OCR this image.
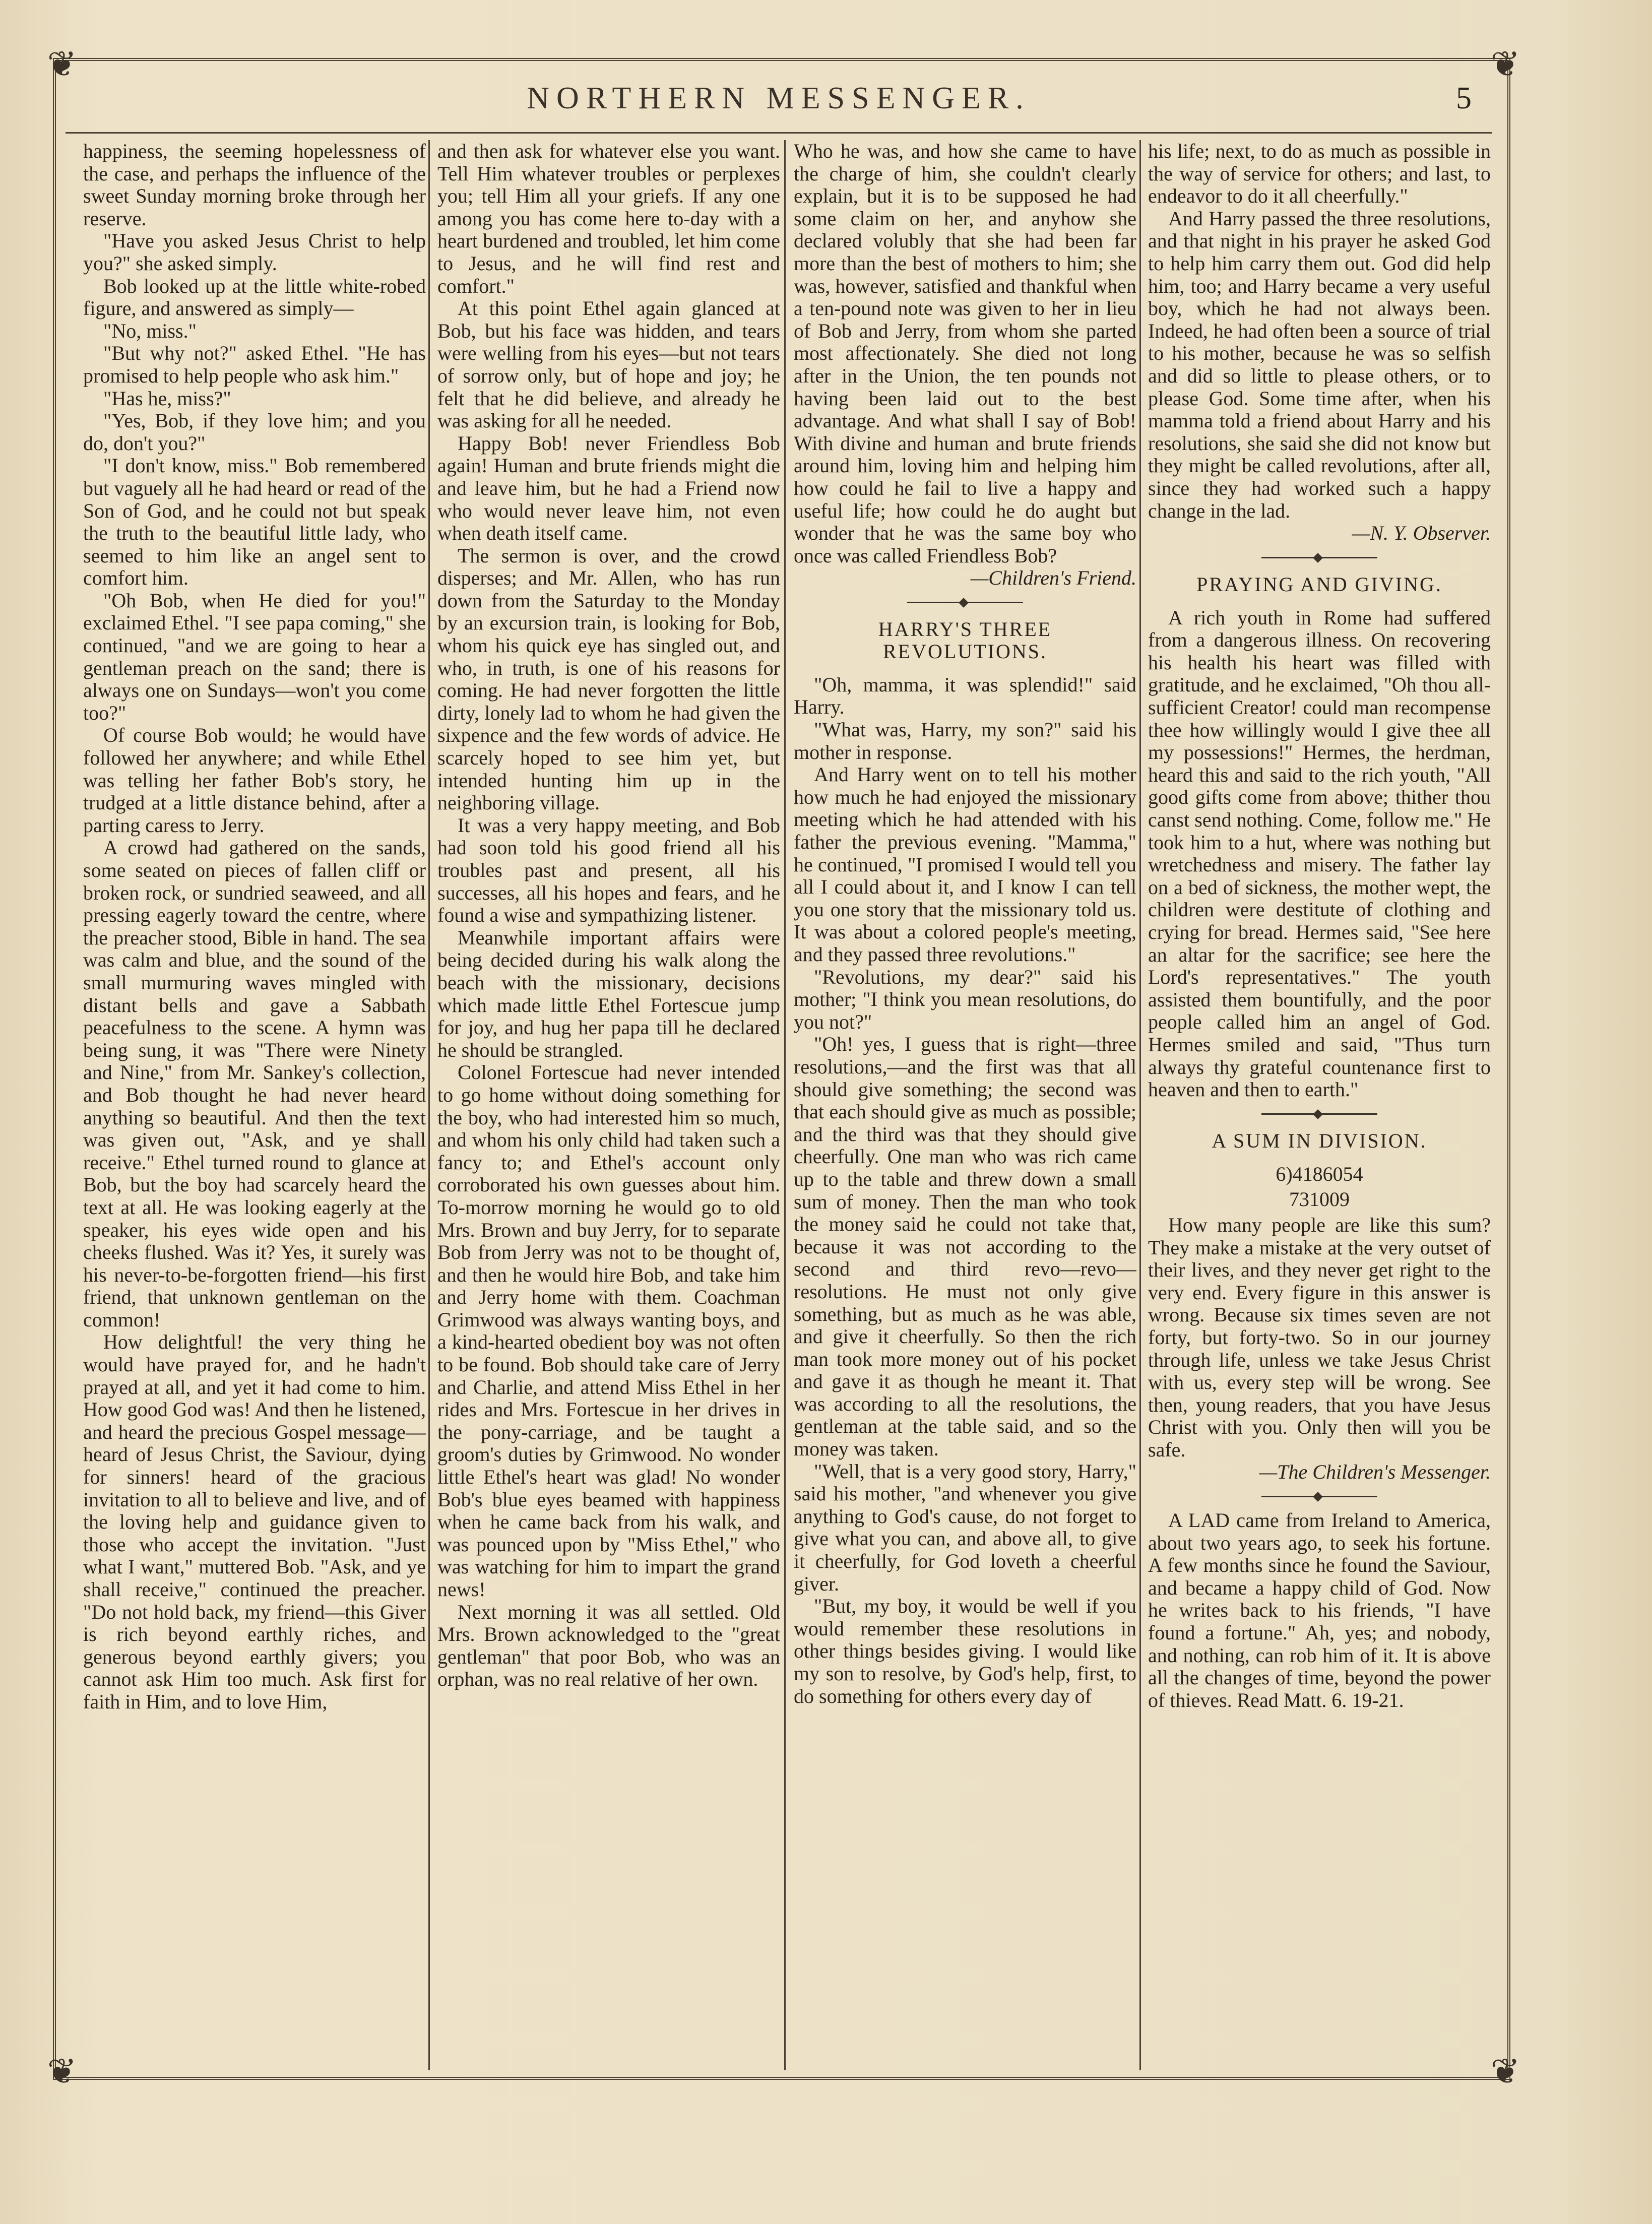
❦	❦
❦	❦
NORTHERN MESSENGER.	5

happiness, the seeming hopelessness of the case, and perhaps the influence of the sweet Sunday morning broke through her reserve.

"Have you asked Jesus Christ to help you?" she asked simply.

Bob looked up at the little white-robed figure, and answered as simply—

"No, miss."

"But why not?" asked Ethel. "He has promised to help people who ask him."

"Has he, miss?"

"Yes, Bob, if they love him; and you do, don't you?"

"I don't know, miss." Bob remembered but vaguely all he had heard or read of the Son of God, and he could not but speak the truth to the beautiful little lady, who seemed to him like an angel sent to comfort him.

"Oh Bob, when He died for you!" exclaimed Ethel. "I see papa coming," she continued, "and we are going to hear a gentleman preach on the sand; there is always one on Sundays—won't you come too?"

Of course Bob would; he would have followed her anywhere; and while Ethel was telling her father Bob's story, he trudged at a little distance behind, after a parting caress to Jerry.

A crowd had gathered on the sands, some seated on pieces of fallen cliff or broken rock, or sundried seaweed, and all pressing eagerly toward the centre, where the preacher stood, Bible in hand. The sea was calm and blue, and the sound of the small murmuring waves mingled with distant bells and gave a Sabbath peacefulness to the scene. A hymn was being sung, it was "There were Ninety and Nine," from Mr. Sankey's collection, and Bob thought he had never heard anything so beautiful. And then the text was given out, "Ask, and ye shall receive." Ethel turned round to glance at Bob, but the boy had scarcely heard the text at all. He was looking eagerly at the speaker, his eyes wide open and his cheeks flushed. Was it? Yes, it surely was his never-to-be-forgotten friend—his first friend, that unknown gentleman on the common!

How delightful! the very thing he would have prayed for, and he hadn't prayed at all, and yet it had come to him. How good God was! And then he listened, and heard the precious Gospel message—heard of Jesus Christ, the Saviour, dying for sinners! heard of the gracious invitation to all to believe and live, and of the loving help and guidance given to those who accept the invitation. "Just what I want," muttered Bob. "Ask, and ye shall receive," continued the preacher. "Do not hold back, my friend—this Giver is rich beyond earthly riches, and generous beyond earthly givers; you cannot ask Him too much. Ask first for faith in Him, and to love Him,

and then ask for whatever else you want. Tell Him whatever troubles or perplexes you; tell Him all your griefs. If any one among you has come here to-day with a heart burdened and troubled, let him come to Jesus, and he will find rest and comfort."

At this point Ethel again glanced at Bob, but his face was hidden, and tears were welling from his eyes—but not tears of sorrow only, but of hope and joy; he felt that he did believe, and already he was asking for all he needed.

Happy Bob! never Friendless Bob again! Human and brute friends might die and leave him, but he had a Friend now who would never leave him, not even when death itself came.

The sermon is over, and the crowd disperses; and Mr. Allen, who has run down from the Saturday to the Monday by an excursion train, is looking for Bob, whom his quick eye has singled out, and who, in truth, is one of his reasons for coming. He had never forgotten the little dirty, lonely lad to whom he had given the sixpence and the few words of advice. He scarcely hoped to see him yet, but intended hunting him up in the neighboring village.

It was a very happy meeting, and Bob had soon told his good friend all his troubles past and present, all his successes, all his hopes and fears, and he found a wise and sympathizing listener.

Meanwhile important affairs were being decided during his walk along the beach with the missionary, decisions which made little Ethel Fortescue jump for joy, and hug her papa till he declared he should be strangled.

Colonel Fortescue had never intended to go home without doing something for the boy, who had interested him so much, and whom his only child had taken such a fancy to; and Ethel's account only corroborated his own guesses about him. To-morrow morning he would go to old Mrs. Brown and buy Jerry, for to separate Bob from Jerry was not to be thought of, and then he would hire Bob, and take him and Jerry home with them. Coachman Grimwood was always wanting boys, and a kind-hearted obedient boy was not often to be found. Bob should take care of Jerry and Charlie, and attend Miss Ethel in her rides and Mrs. Fortescue in her drives in the pony-carriage, and be taught a groom's duties by Grimwood. No wonder little Ethel's heart was glad! No wonder Bob's blue eyes beamed with happiness when he came back from his walk, and was pounced upon by "Miss Ethel," who was watching for him to impart the grand news!

Next morning it was all settled. Old Mrs. Brown acknowledged to the "great gentleman" that poor Bob, who was an orphan, was no real relative of her own.

Who he was, and how she came to have the charge of him, she couldn't clearly explain, but it is to be supposed he had some claim on her, and anyhow she declared volubly that she had been far more than the best of mothers to him; she was, however, satisfied and thankful when a ten-pound note was given to her in lieu of Bob and Jerry, from whom she parted most affectionately. She died not long after in the Union, the ten pounds not having been laid out to the best advantage. And what shall I say of Bob! With divine and human and brute friends around him, loving him and helping him how could he fail to live a happy and useful life; how could he do aught but wonder that he was the same boy who once was called Friendless Bob?

—Children's Friend.

HARRY'S THREE REVOLUTIONS.

"Oh, mamma, it was splendid!" said Harry.

"What was, Harry, my son?" said his mother in response.

And Harry went on to tell his mother how much he had enjoyed the missionary meeting which he had attended with his father the previous evening. "Mamma," he continued, "I promised I would tell you all I could about it, and I know I can tell you one story that the missionary told us. It was about a colored people's meeting, and they passed three revolutions."

"Revolutions, my dear?" said his mother; "I think you mean resolutions, do you not?"

"Oh! yes, I guess that is right—three resolutions,—and the first was that all should give something; the second was that each should give as much as possible; and the third was that they should give cheerfully. One man who was rich came up to the table and threw down a small sum of money. Then the man who took the money said he could not take that, because it was not according to the second and third revo—revo—resolutions. He must not only give something, but as much as he was able, and give it cheerfully. So then the rich man took more money out of his pocket and gave it as though he meant it. That was according to all the resolutions, the gentleman at the table said, and so the money was taken.

"Well, that is a very good story, Harry," said his mother, "and whenever you give anything to God's cause, do not forget to give what you can, and above all, to give it cheerfully, for God loveth a cheerful giver.

"But, my boy, it would be well if you would remember these resolutions in other things besides giving. I would like my son to resolve, by God's help, first, to do something for others every day of

his life; next, to do as much as possible in the way of service for others; and last, to endeavor to do it all cheerfully."

And Harry passed the three resolutions, and that night in his prayer he asked God to help him carry them out. God did help him, too; and Harry became a very useful boy, which he had not always been. Indeed, he had often been a source of trial to his mother, because he was so selfish and did so little to please others, or to please God. Some time after, when his mamma told a friend about Harry and his resolutions, she said she did not know but they might be called revolutions, after all, since they had worked such a happy change in the lad.

—N. Y. Observer.

PRAYING AND GIVING.

A rich youth in Rome had suffered from a dangerous illness. On recovering his health his heart was filled with gratitude, and he exclaimed, "Oh thou all-sufficient Creator! could man recompense thee how willingly would I give thee all my possessions!" Hermes, the herdman, heard this and said to the rich youth, "All good gifts come from above; thither thou canst send nothing. Come, follow me." He took him to a hut, where was nothing but wretchedness and misery. The father lay on a bed of sickness, the mother wept, the children were destitute of clothing and crying for bread. Hermes said, "See here an altar for the sacrifice; see here the Lord's representatives." The youth assisted them bountifully, and the poor people called him an angel of God. Hermes smiled and said, "Thus turn always thy grateful countenance first to heaven and then to earth."

A SUM IN DIVISION.

6)4186054

731009

How many people are like this sum? They make a mistake at the very outset of their lives, and they never get right to the very end. Every figure in this answer is wrong. Because six times seven are not forty, but forty-two. So in our journey through life, unless we take Jesus Christ with us, every step will be wrong. See then, young readers, that you have Jesus Christ with you. Only then will you be safe.

—The Children's Messenger.

A LAD came from Ireland to America, about two years ago, to seek his fortune. A few months since he found the Saviour, and became a happy child of God. Now he writes back to his friends, "I have found a fortune." Ah, yes; and nobody, and nothing, can rob him of it. It is above all the changes of time, beyond the power of thieves. Read Matt. 6. 19-21.
